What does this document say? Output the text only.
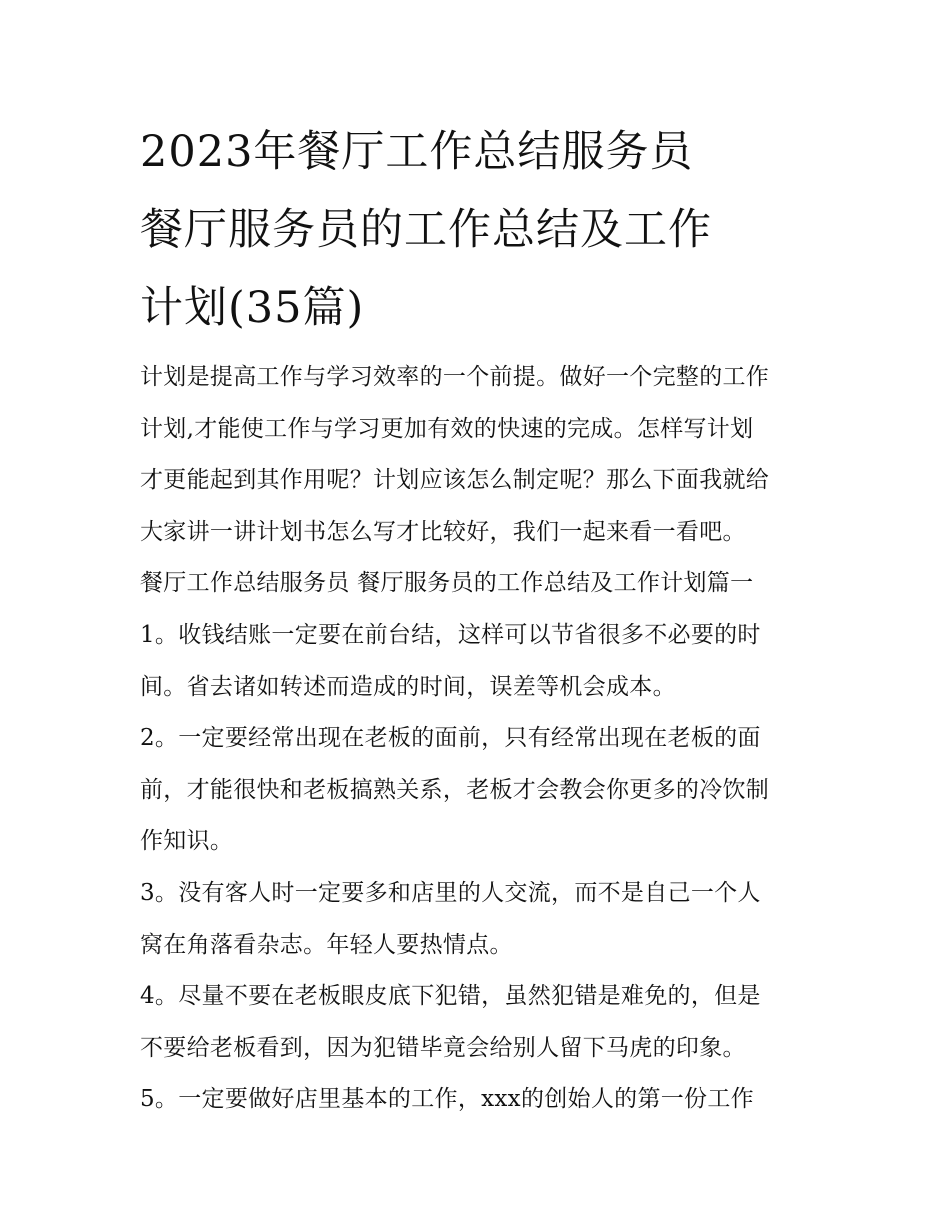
2023年餐厅工作总结服务员
餐厅服务员的工作总结及工作
计划(35篇)
计划是提高工作与学习效率的一个前提。做好一个完整的工作
计划,才能使工作与学习更加有效的快速的完成。怎样写计划
才更能起到其作用呢？计划应该怎么制定呢？那么下面我就给
大家讲一讲计划书怎么写才比较好，我们一起来看一看吧。
餐厅工作总结服务员 餐厅服务员的工作总结及工作计划篇一
1。收钱结账一定要在前台结，这样可以节省很多不必要的时
间。省去诸如转述而造成的时间，误差等机会成本。
2。一定要经常出现在老板的面前，只有经常出现在老板的面
前，才能很快和老板搞熟关系，老板才会教会你更多的冷饮制
作知识。
3。没有客人时一定要多和店里的人交流，而不是自己一个人
窝在角落看杂志。年轻人要热情点。
4。尽量不要在老板眼皮底下犯错，虽然犯错是难免的，但是
不要给老板看到，因为犯错毕竟会给别人留下马虎的印象。
5。一定要做好店里基本的工作，xxx的创始人的第一份工作
